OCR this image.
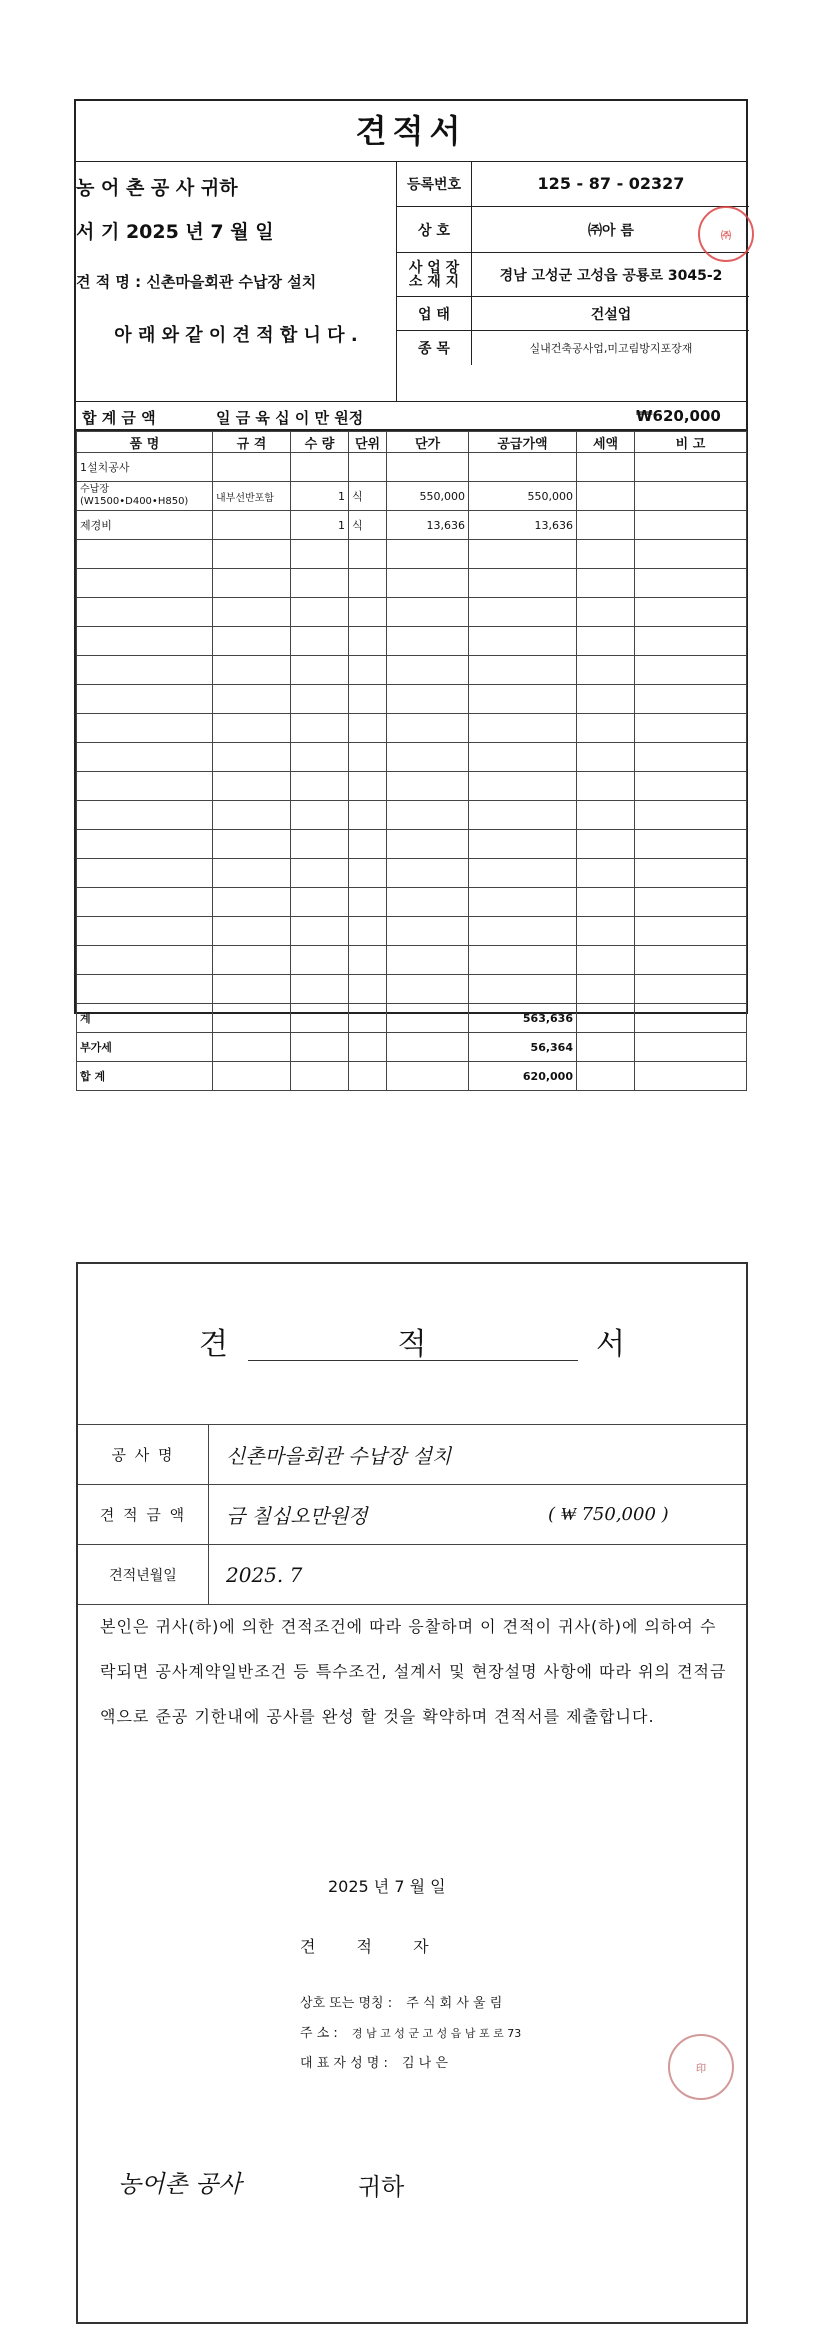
견적서
농 어 촌 공 사 귀하
서 기 2025 년 7 월 일
견 적 명 : 신촌마을회관 수납장 설치
아 래 와 같 이 견 적 합 니 다 .
등록번호	125 - 87 - 02327
상 호	㈜아 름
사 업 장
소 재 지	경남 고성군 고성읍 공룡로 3045-2
업 태	건설업
종 목	실내건축공사업,미고림방지포장재
㈜
합 계 금 액	일 금 육 십 이 만 원정	₩620,000
품 명	규 격	수 량	단위	단가	공급가액	세액	비 고
1설치공사							
수납장
(W1500•D400•H850)	내부선반포함	1	식	550,000	550,000		
제경비		1	식	13,636	13,636		

계					563,636		
부가세					56,364		
합 계					620,000		
견 적 서
공 사 명	신촌마을회관 수납장 설치
견 적 금 액	금 칠십오만원정	( ₩ 750,000 )
견적년월일	2025. 7
본인은 귀사(하)에 의한 견적조건에 따라 응찰하며 이 견적이 귀사(하)에 의하여 수락되면 공사계약일반조건 등 특수조건, 설계서 및 현장설명 사항에 따라 위의 견적금액으로 준공 기한내에 공사를 완성 할 것을 확약하며 견적서를 제출합니다.
2025 년 7 월 일
견 적 자
상호 또는 명칭 : 주 식 회 사 울 림
주 소 : 경 남 고 성 군 고 성 읍 남 포 로 73
대 표 자 성 명 : 김 나 은	印
농어촌 공사	귀하
